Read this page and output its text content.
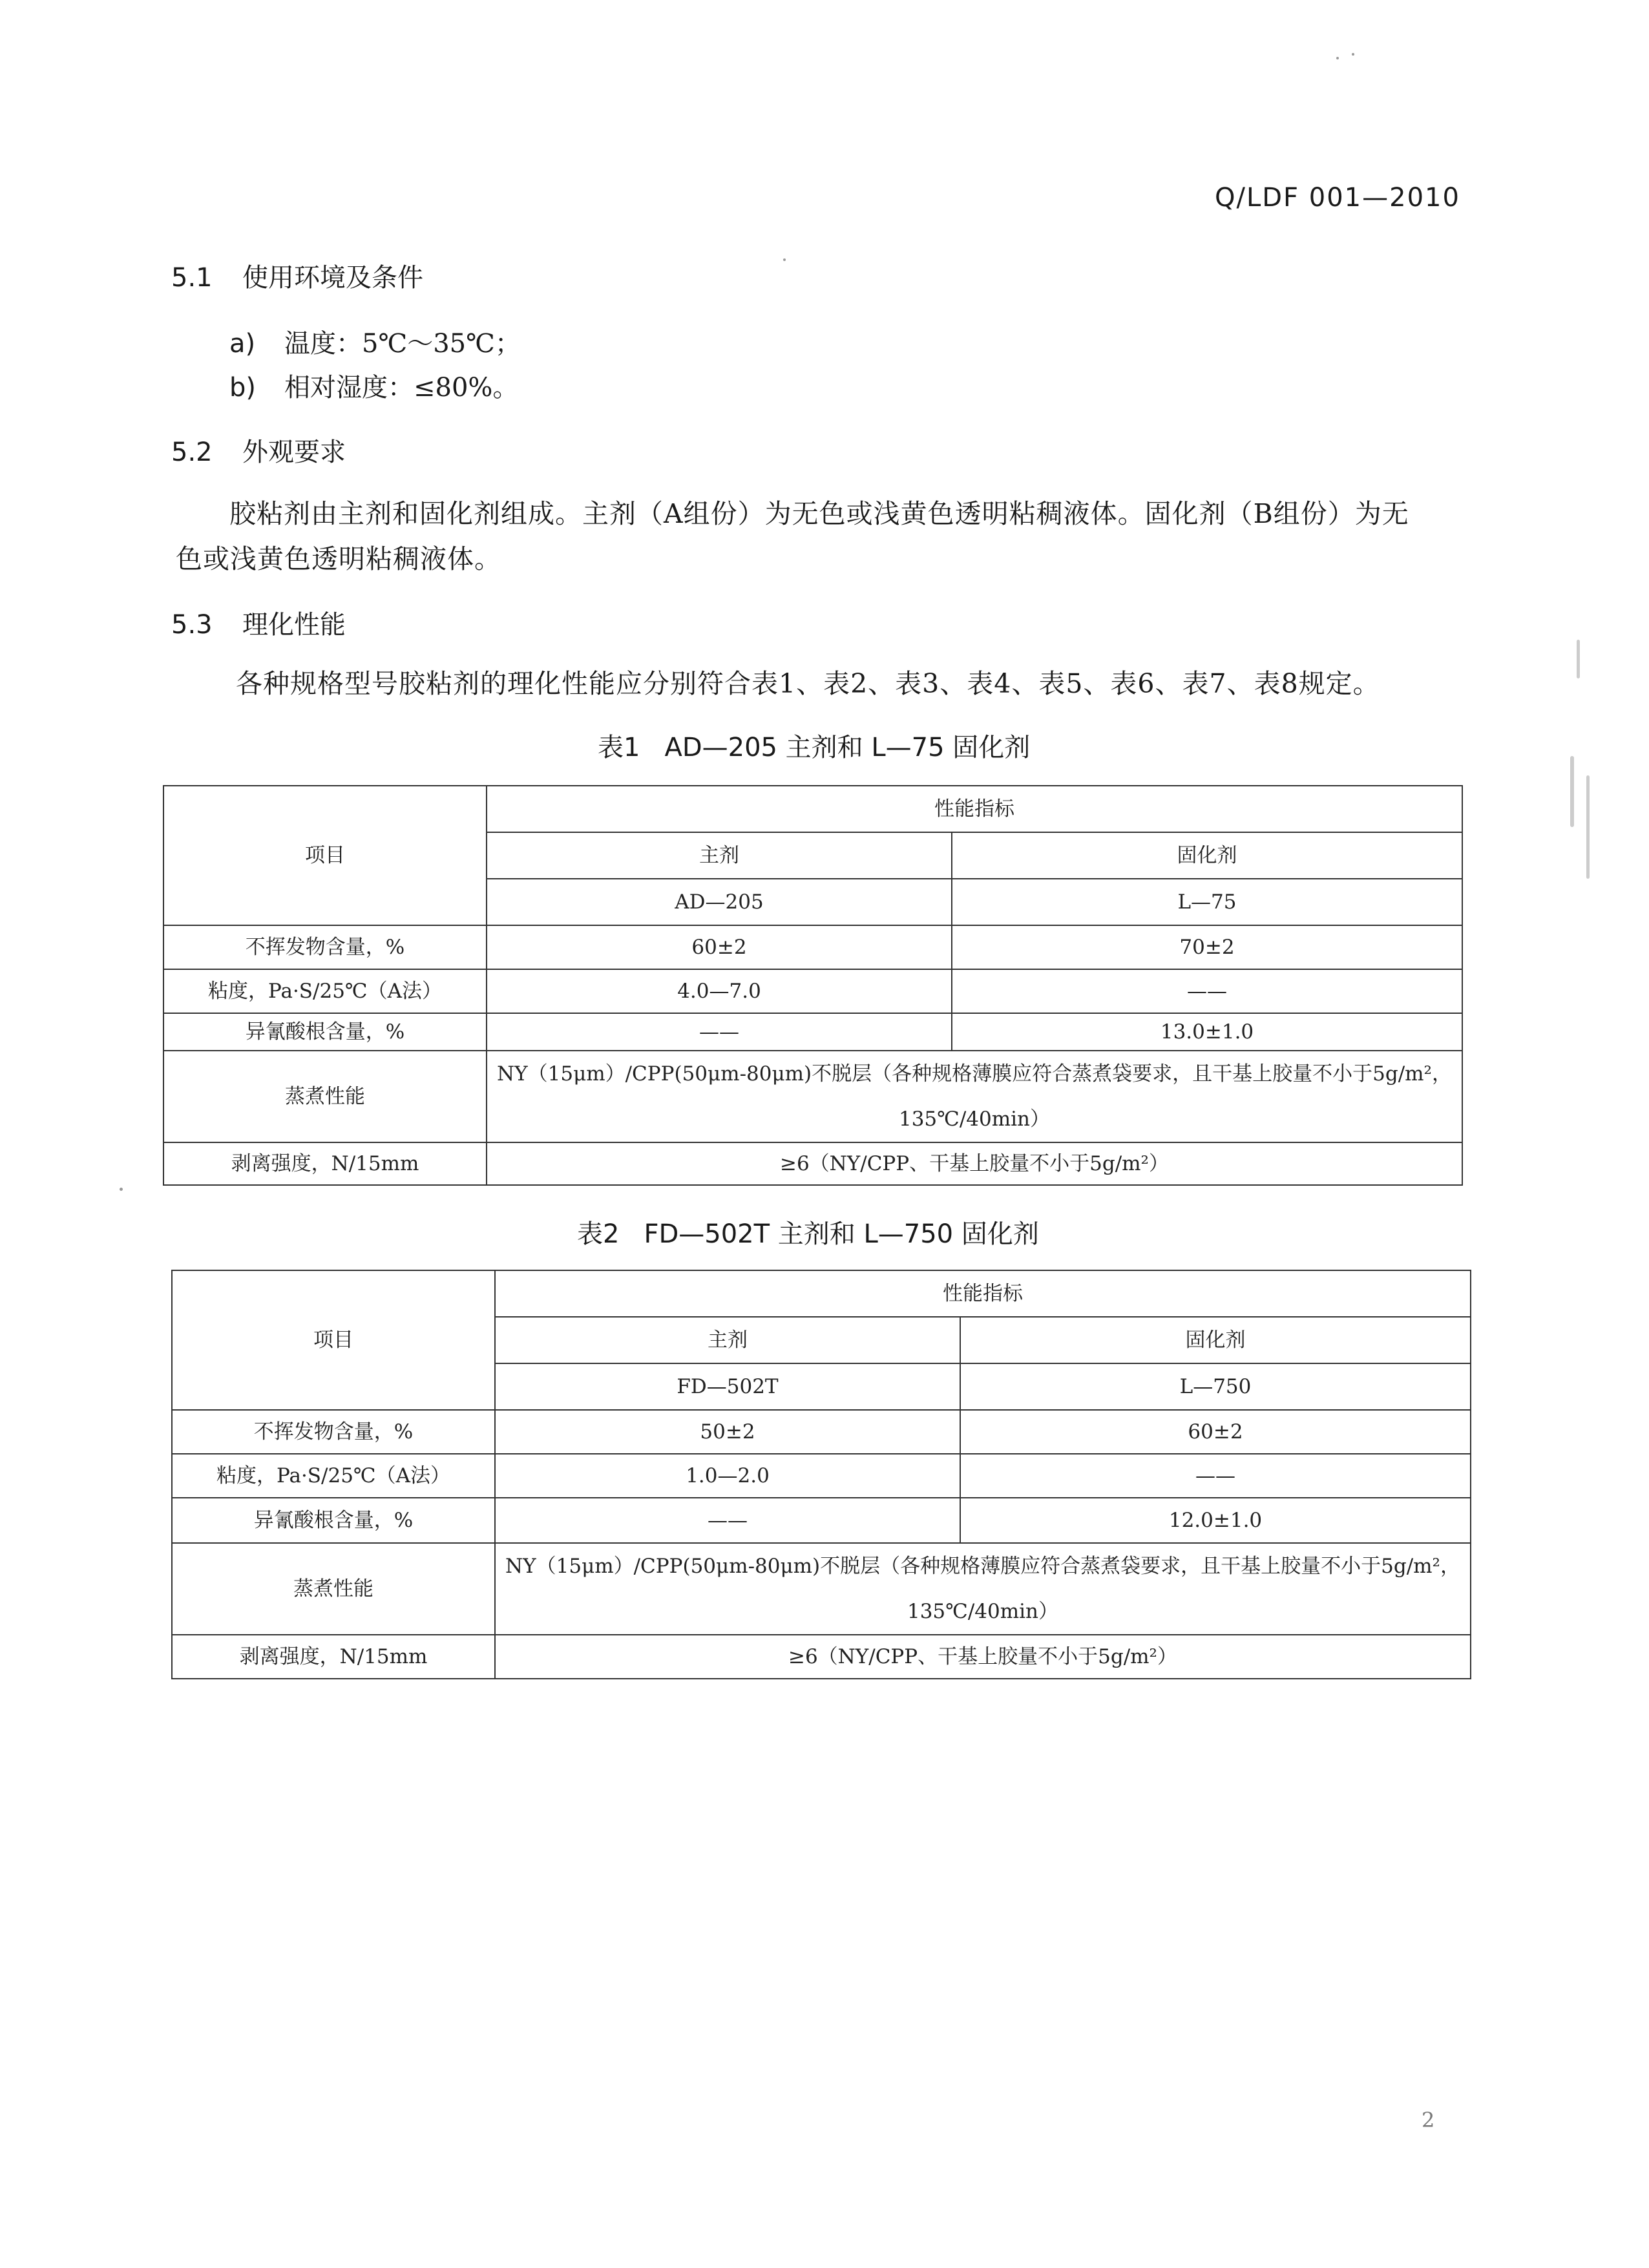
Q/LDF 001—2010
5.1 使用环境及条件
a) 温度：5℃～35℃；
b) 相对湿度：≤80%。
5.2 外观要求
胶粘剂由主剂和固化剂组成。主剂（A组份）为无色或浅黄色透明粘稠液体。固化剂（B组份）为无
色或浅黄色透明粘稠液体。
5.3 理化性能
各种规格型号胶粘剂的理化性能应分别符合表1、表2、表3、表4、表5、表6、表7、表8规定。
表1 AD—205 主剂和 L—75 固化剂
项目	性能指标	
	主剂	固化剂
	AD—205	L—75
不挥发物含量，%	60±2	70±2
粘度，Pa·S/25℃（A法）	4.0—7.0	——
异氰酸根含量，%	——	13.0±1.0
蒸煮性能	NY（15μm）/CPP(50μm-80μm)不脱层（各种规格薄膜应符合蒸煮袋要求，且干基上胶量不小于5g/m²，135℃/40min）	
剥离强度，N/15mm	≥6（NY/CPP、干基上胶量不小于5g/m²）	
表2 FD—502T 主剂和 L—750 固化剂
项目	性能指标	
	主剂	固化剂
	FD—502T	L—750
不挥发物含量，%	50±2	60±2
粘度，Pa·S/25℃（A法）	1.0—2.0	——
异氰酸根含量，%	——	12.0±1.0
蒸煮性能	NY（15μm）/CPP(50μm-80μm)不脱层（各种规格薄膜应符合蒸煮袋要求，且干基上胶量不小于5g/m²，135℃/40min）	
剥离强度，N/15mm	≥6（NY/CPP、干基上胶量不小于5g/m²）	
2
